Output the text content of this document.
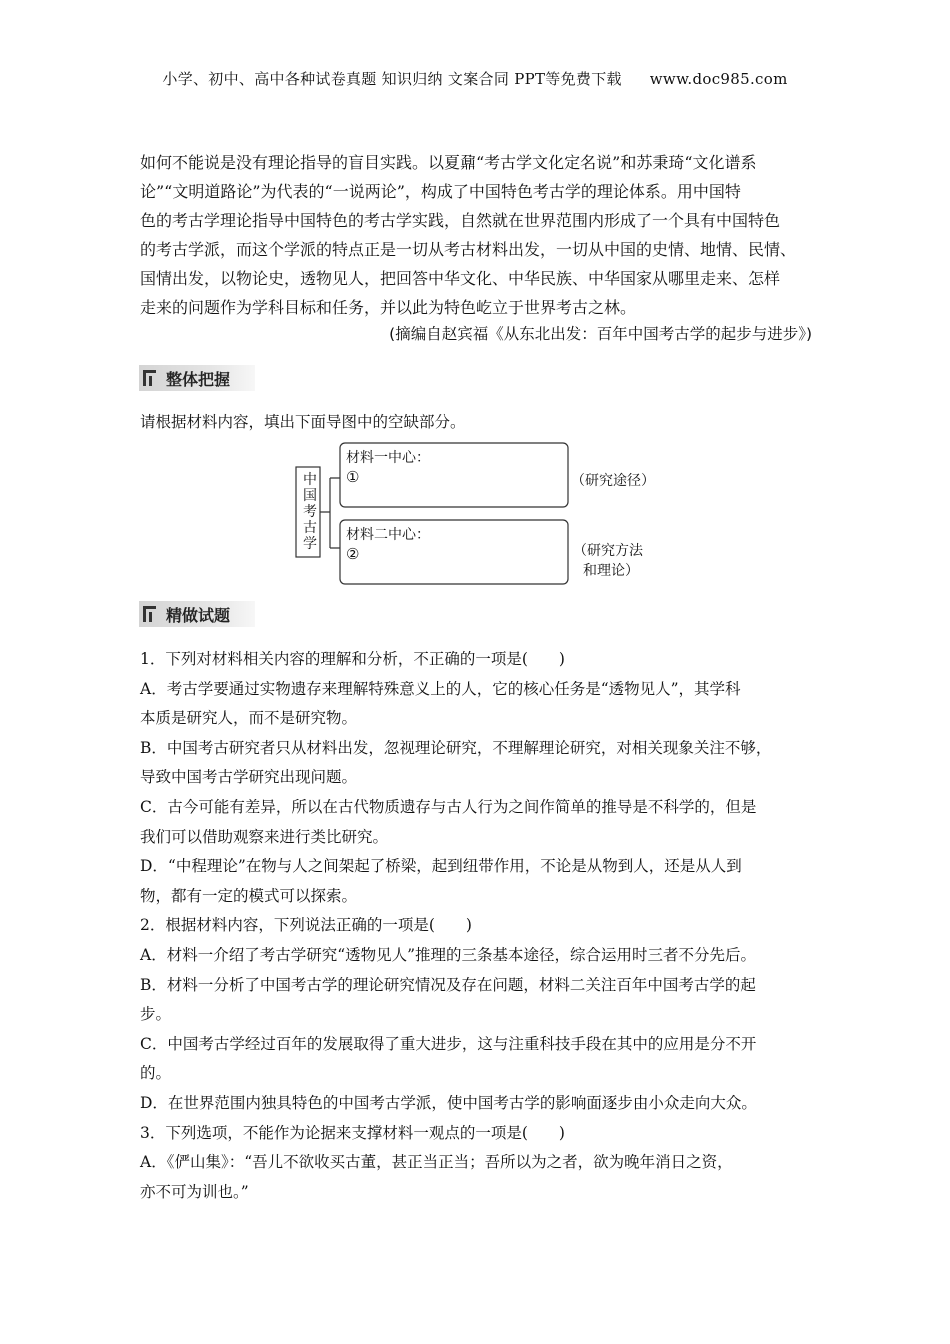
小学、初中、高中各种试卷真题 知识归纳 文案合同 PPT等免费下载 www.doc985.com
如何不能说是没有理论指导的盲目实践。以夏鼐“考古学文化定名说”和苏秉琦“文化谱系
论”“文明道路论”为代表的“一说两论”，构成了中国特色考古学的理论体系。用中国特
色的考古学理论指导中国特色的考古学实践，自然就在世界范围内形成了一个具有中国特色
的考古学派，而这个学派的特点正是一切从考古材料出发，一切从中国的史情、地情、民情、
国情出发，以物论史，透物见人，把回答中华文化、中华民族、中华国家从哪里走来、怎样
走来的问题作为学科目标和任务，并以此为特色屹立于世界考古之林。
(摘编自赵宾福《从东北出发：百年中国考古学的起步与进步》)
整体把握
请根据材料内容，填出下面导图中的空缺部分。
中国考古学
材料一中心：
①	（研究途径）
材料二中心：
②	（研究方法
和理论）
精做试题
1．下列对材料相关内容的理解和分析，不正确的一项是(　　)
A．考古学要通过实物遗存来理解特殊意义上的人，它的核心任务是“透物见人”，其学科
本质是研究人，而不是研究物。
B．中国考古研究者只从材料出发，忽视理论研究，不理解理论研究，对相关现象关注不够，
导致中国考古学研究出现问题。
C．古今可能有差异，所以在古代物质遗存与古人行为之间作简单的推导是不科学的，但是
我们可以借助观察来进行类比研究。
D．“中程理论”在物与人之间架起了桥梁，起到纽带作用，不论是从物到人，还是从人到
物，都有一定的模式可以探索。
2．根据材料内容，下列说法正确的一项是(　　)
A．材料一介绍了考古学研究“透物见人”推理的三条基本途径，综合运用时三者不分先后。
B．材料一分析了中国考古学的理论研究情况及存在问题，材料二关注百年中国考古学的起
步。
C．中国考古学经过百年的发展取得了重大进步，这与注重科技手段在其中的应用是分不开
的。
D．在世界范围内独具特色的中国考古学派，使中国考古学的影响面逐步由小众走向大众。
3．下列选项，不能作为论据来支撑材料一观点的一项是(　　)
A．《俨山集》：“吾儿不欲收买古董，甚正当正当；吾所以为之者，欲为晚年消日之资，
亦不可为训也。”
